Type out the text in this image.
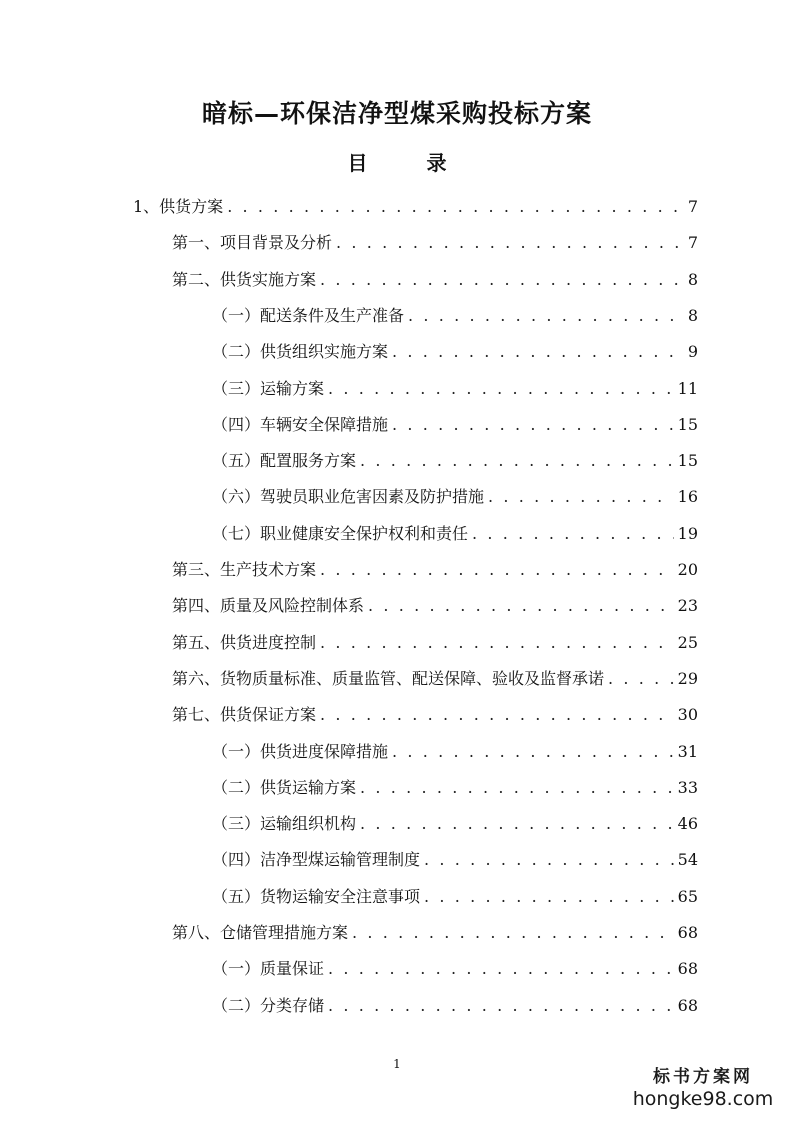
暗标—环保洁净型煤采购投标方案
目 录
1、供货方案 . . .	7
第一、项目背景及分析 . . .	7
第二、供货实施方案 . . .	8
（一）配送条件及生产准备 . . .	8
（二）供货组织实施方案 . . .	9
（三）运输方案 . . .	11
（四）车辆安全保障措施 . . .	15
（五）配置服务方案 . . .	15
（六）驾驶员职业危害因素及防护措施 . . .	16
（七）职业健康安全保护权利和责任 . . .	19
第三、生产技术方案 . . .	20
第四、质量及风险控制体系 . . .	23
第五、供货进度控制 . . .	25
第六、货物质量标准、质量监管、配送保障、验收及监督承诺 . . .	29
第七、供货保证方案 . . .	30
（一）供货进度保障措施 . . .	31
（二）供货运输方案 . . .	33
（三）运输组织机构 . . .	46
（四）洁净型煤运输管理制度 . . .	54
（五）货物运输安全注意事项 . . .	65
第八、仓储管理措施方案 . . .	68
（一）质量保证 . . .	68
（二）分类存储 . . .	68
1
标书方案网
hongke98.com
